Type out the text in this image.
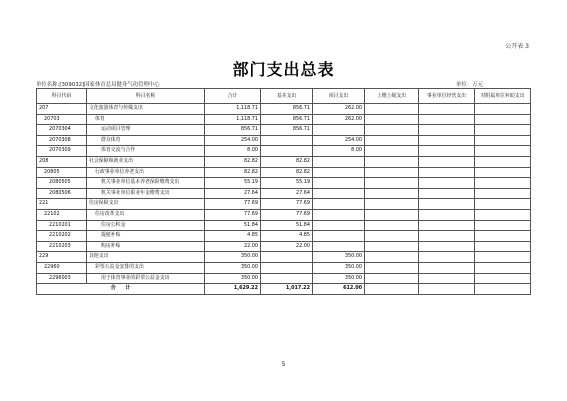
公开表 3
部门支出总表
单位名称:[309032]国家体育总局健身气功管理中心	单位：万元
科目代码	科目名称	合计	基本支出	项目支出	上缴上级支出	事业单位经营支出	对附属单位补助支出
207	文化旅游体育与传媒支出	1,118.71	856.71	262.00			
20703	体育	1,118.71	856.71	262.00			
2070304	运动项目管理	856.71	856.71				
2070308	群众体育	254.00		254.00			
2070309	体育交流与合作	8.00		8.00			
208	社会保障和就业支出	82.82	82.82				
20805	行政事业单位养老支出	82.82	82.82				
2080505	机关事业单位基本养老保险缴费支出	55.19	55.19				
2080506	机关事业单位职业年金缴费支出	27.64	27.64				
221	住房保障支出	77.69	77.69				
22102	住房改革支出	77.69	77.69				
2210201	住房公积金	51.84	51.84				
2210202	提租补贴	4.85	4.85				
2210203	购房补贴	22.00	22.00				
229	其他支出	350.00		350.00			
22960	彩票公益金安排的支出	350.00		350.00			
2296003	用于体育事业的彩票公益金支出	350.00		350.00			
合　　计		1,629.22	1,017.22	612.00			
5
